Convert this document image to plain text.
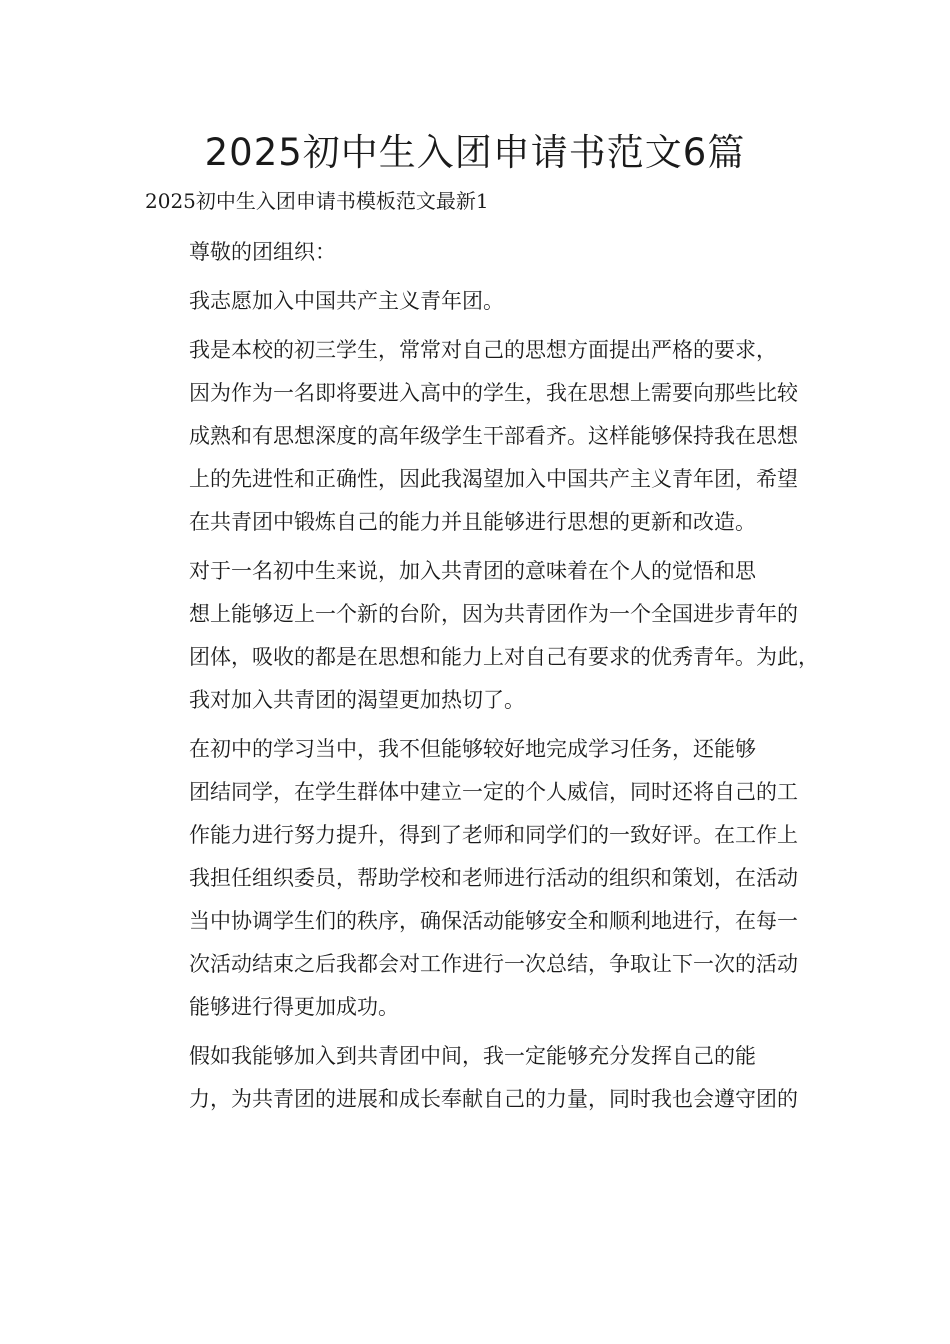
2025初中生入团申请书范文6篇

2025初中生入团申请书模板范文最新1

尊敬的团组织：

我志愿加入中国共产主义青年团。

我是本校的初三学生，常常对自己的思想方面提出严格的要求，
因为作为一名即将要进入高中的学生，我在思想上需要向那些比较
成熟和有思想深度的高年级学生干部看齐。这样能够保持我在思想
上的先进性和正确性，因此我渴望加入中国共产主义青年团，希望
在共青团中锻炼自己的能力并且能够进行思想的更新和改造。

对于一名初中生来说，加入共青团的意味着在个人的觉悟和思
想上能够迈上一个新的台阶，因为共青团作为一个全国进步青年的
团体，吸收的都是在思想和能力上对自己有要求的优秀青年。为此，
我对加入共青团的渴望更加热切了。

在初中的学习当中，我不但能够较好地完成学习任务，还能够
团结同学，在学生群体中建立一定的个人威信，同时还将自己的工
作能力进行努力提升，得到了老师和同学们的一致好评。在工作上
我担任组织委员，帮助学校和老师进行活动的组织和策划，在活动
当中协调学生们的秩序，确保活动能够安全和顺利地进行，在每一
次活动结束之后我都会对工作进行一次总结，争取让下一次的活动
能够进行得更加成功。

假如我能够加入到共青团中间，我一定能够充分发挥自己的能
力，为共青团的进展和成长奉献自己的力量，同时我也会遵守团的
